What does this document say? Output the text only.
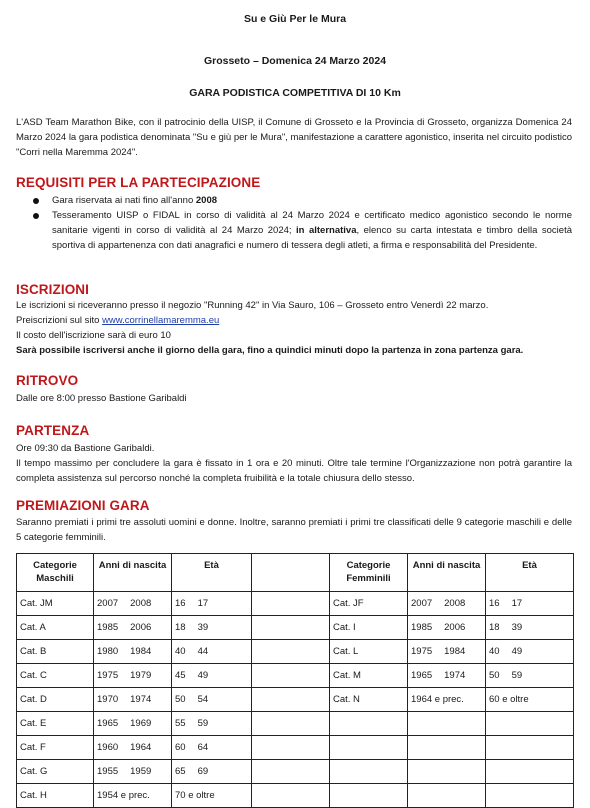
Su e Giù Per le Mura
Grosseto – Domenica 24 Marzo 2024
GARA PODISTICA COMPETITIVA DI 10 Km

L'ASD Team Marathon Bike, con il patrocinio della UISP, il Comune di Grosseto e la Provincia di Grosseto, organizza Domenica 24 Marzo 2024 la gara podistica denominata "Su e giù per le Mura", manifestazione a carattere agonistico, inserita nel circuito podistico "Corri nella Maremma 2024".

REQUISITI PER LA PARTECIPAZIONE
Gara riservata ai nati fino all'anno 2008
Tesseramento UISP o FIDAL in corso di validità al 24 Marzo 2024 e certificato medico agonistico secondo le norme sanitarie vigenti in corso di validità al 24 Marzo 2024; in alternativa, elenco su carta intestata e timbro della società sportiva di appartenenza con dati anagrafici e numero di tessera degli atleti, a firma e responsabilità del Presidente.
ISCRIZIONI
Le iscrizioni si riceveranno presso il negozio "Running 42" in Via Sauro, 106 – Grosseto entro Venerdì 22 marzo.
Preiscrizioni sul sito www.corrinellamaremma.eu
Il costo dell'iscrizione sarà di euro 10
Sarà possibile iscriversi anche il giorno della gara, fino a quindici minuti dopo la partenza in zona partenza gara.
RITROVO
Dalle ore 8:00 presso Bastione Garibaldi
PARTENZA
Ore 09:30 da Bastione Garibaldi.
Il tempo massimo per concludere la gara è fissato in 1 ora e 20 minuti. Oltre tale termine l'Organizzazione non potrà garantire la completa assistenza sul percorso nonché la completa fruibilità e la totale chiusura dello stesso.
PREMIAZIONI GARA

Saranno premiati i primi tre assoluti uomini e donne. Inoltre, saranno premiati i primi tre classificati delle 9 categorie maschili e delle 5 categorie femminili.

Categorie Maschili	Anni di nascita	Età		Categorie Femminili	Anni di nascita	Età
Cat. JM	2007 2008	16 17		Cat. JF	2007 2008	16 17
Cat. A	1985 2006	18 39		Cat. I	1985 2006	18 39
Cat. B	1980 1984	40 44		Cat. L	1975 1984	40 49
Cat. C	1975 1979	45 49		Cat. M	1965 1974	50 59
Cat. D	1970 1974	50 54		Cat. N	1964 e prec.	60 e oltre
Cat. E	1965 1969	55 59				
Cat. F	1960 1964	60 64				
Cat. G	1955 1959	65 69				
Cat. H	1954 e prec.	70 e oltre				
